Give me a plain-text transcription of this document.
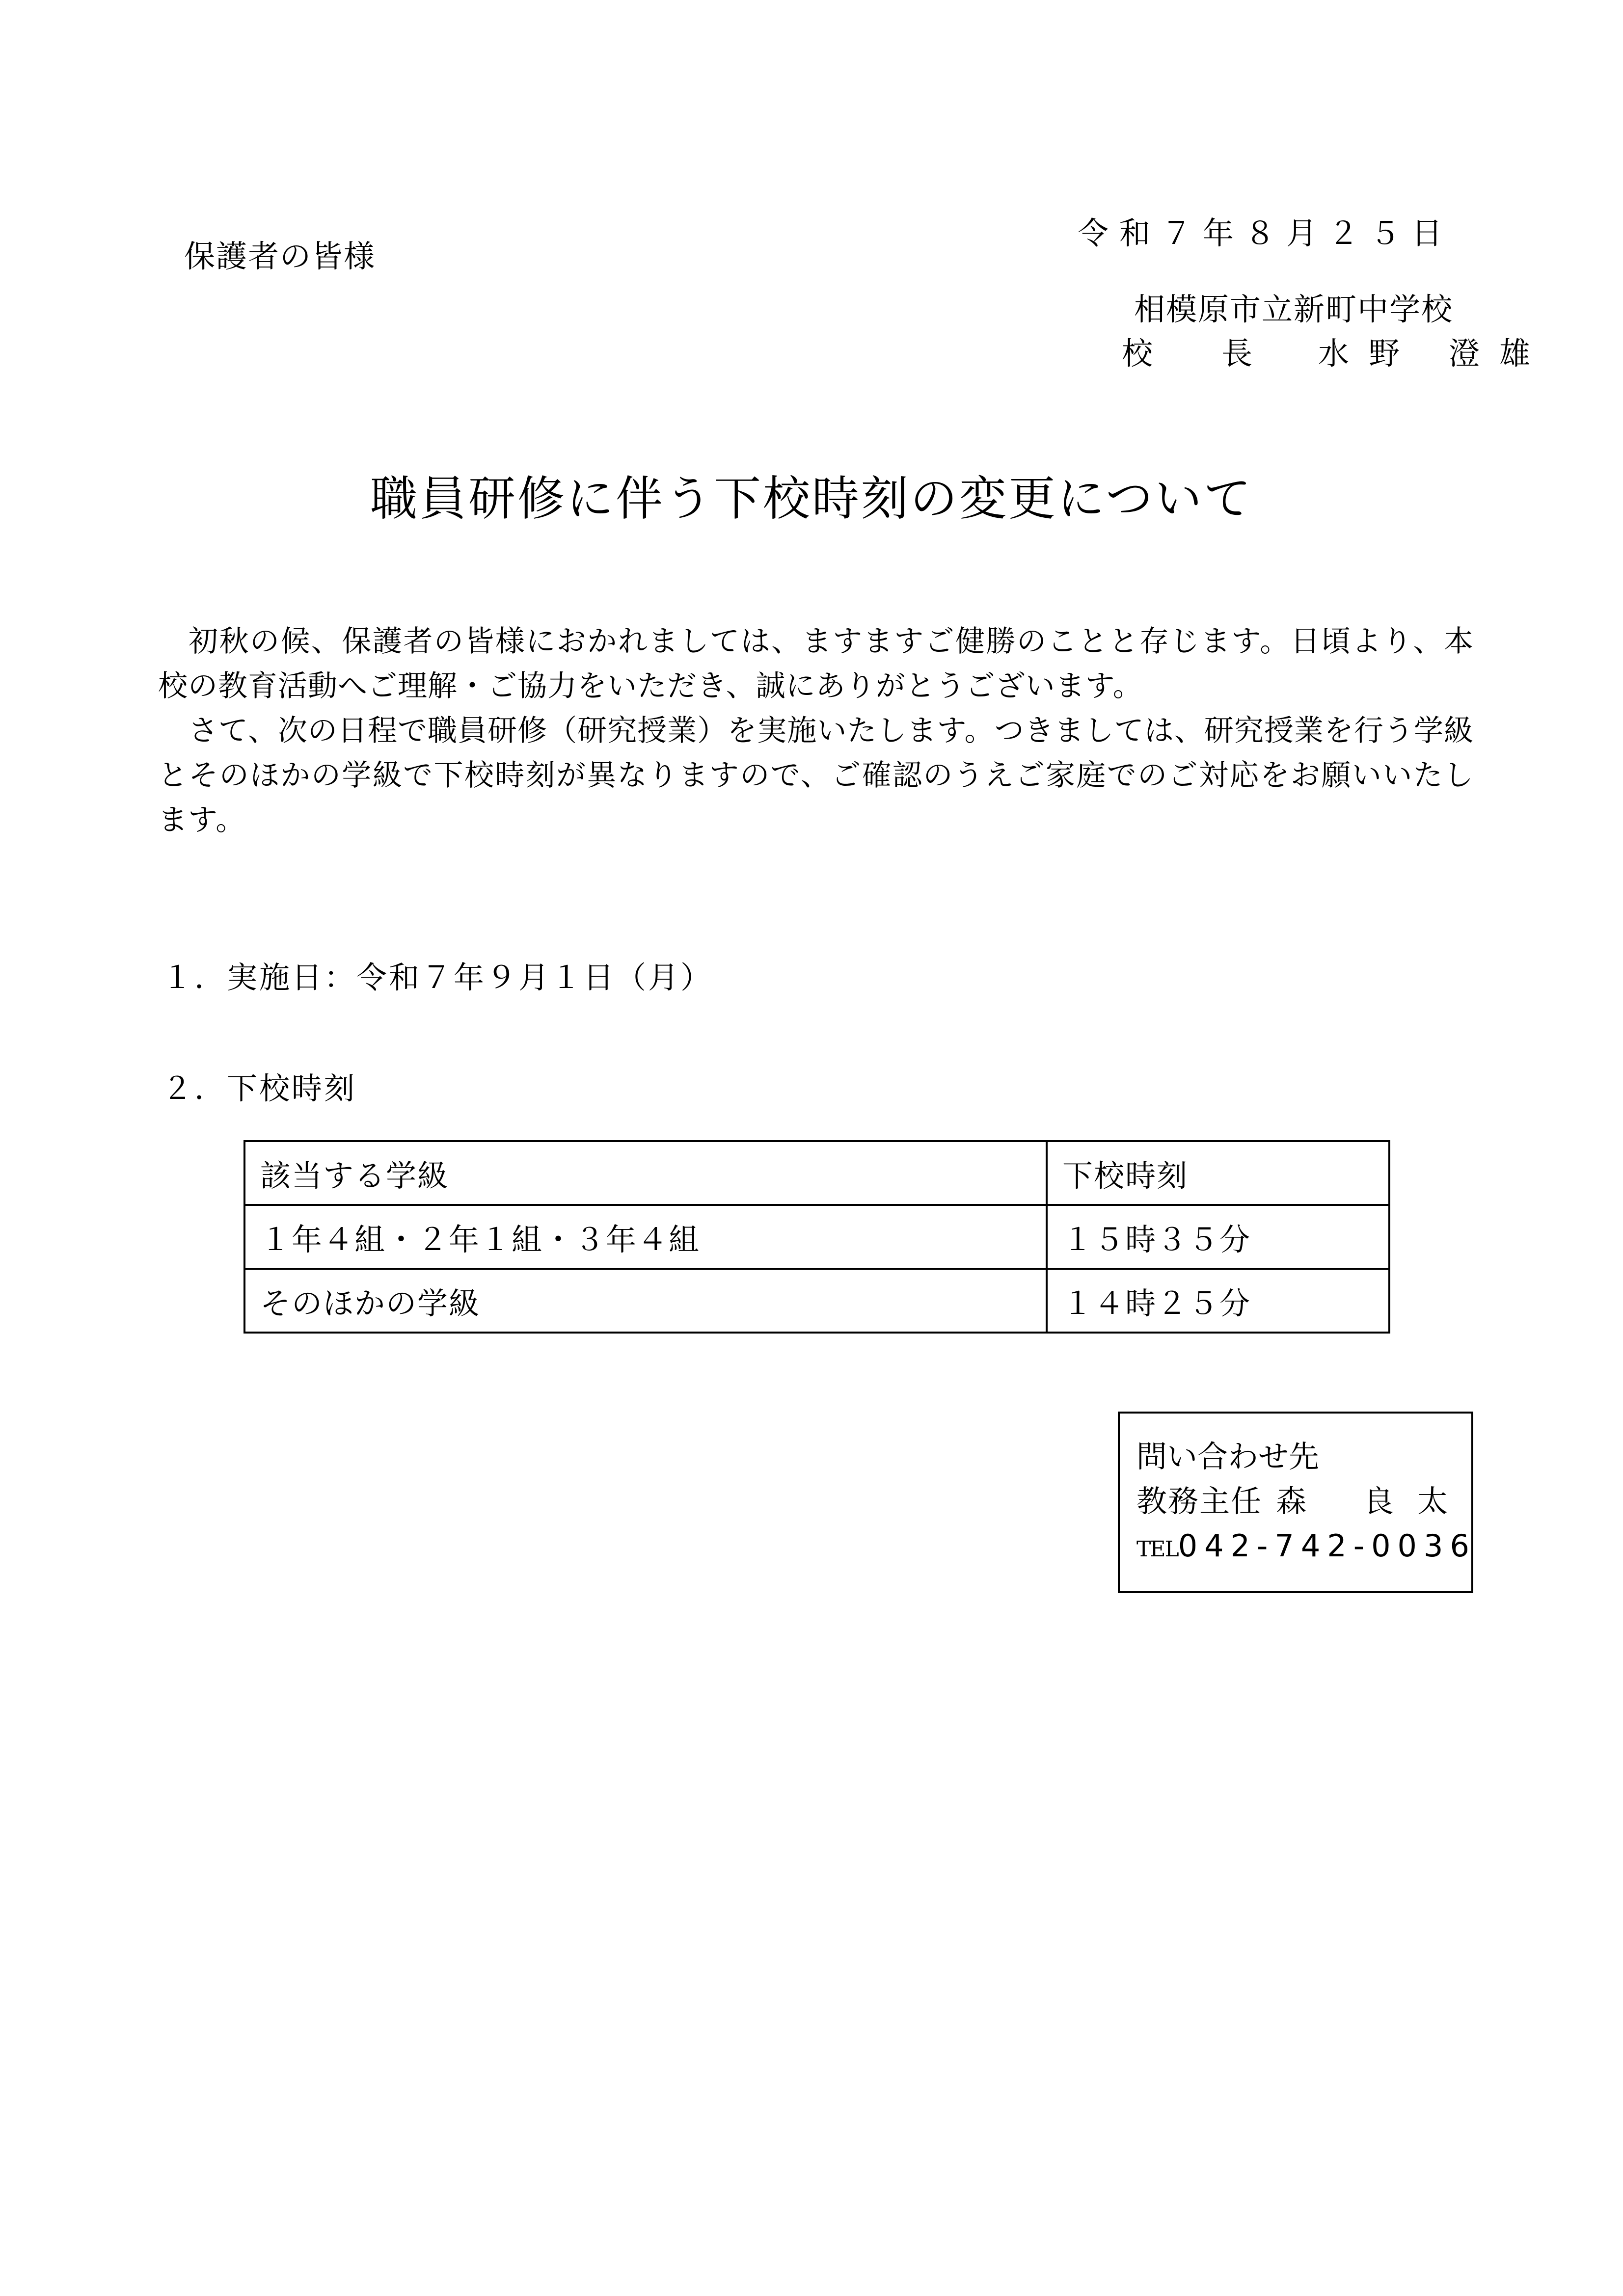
保護者の皆様

令和７年８月２５日

相模原市立新町中学校

校 長	水野 澄雄
職員研修に伴う下校時刻の変更について

初秋の候、保護者の皆様におかれましては、ますますご健勝のことと存じます。日頃より、本校の教育活動へご理解・ご協力をいただき、誠にありがとうございます。

さて、次の日程で職員研修（研究授業）を実施いたします。つきましては、研究授業を行う学級とそのほかの学級で下校時刻が異なりますので、ご確認のうえご家庭でのご対応をお願いいたします。

１．実施日：令和７年９月１日（月）

２．下校時刻

該当する学級	下校時刻
１年４組・２年１組・３年４組	１５時３５分
そのほかの学級	１４時２５分
問い合わせ先
教務主任 森 良太
TEL 042-742-0036
